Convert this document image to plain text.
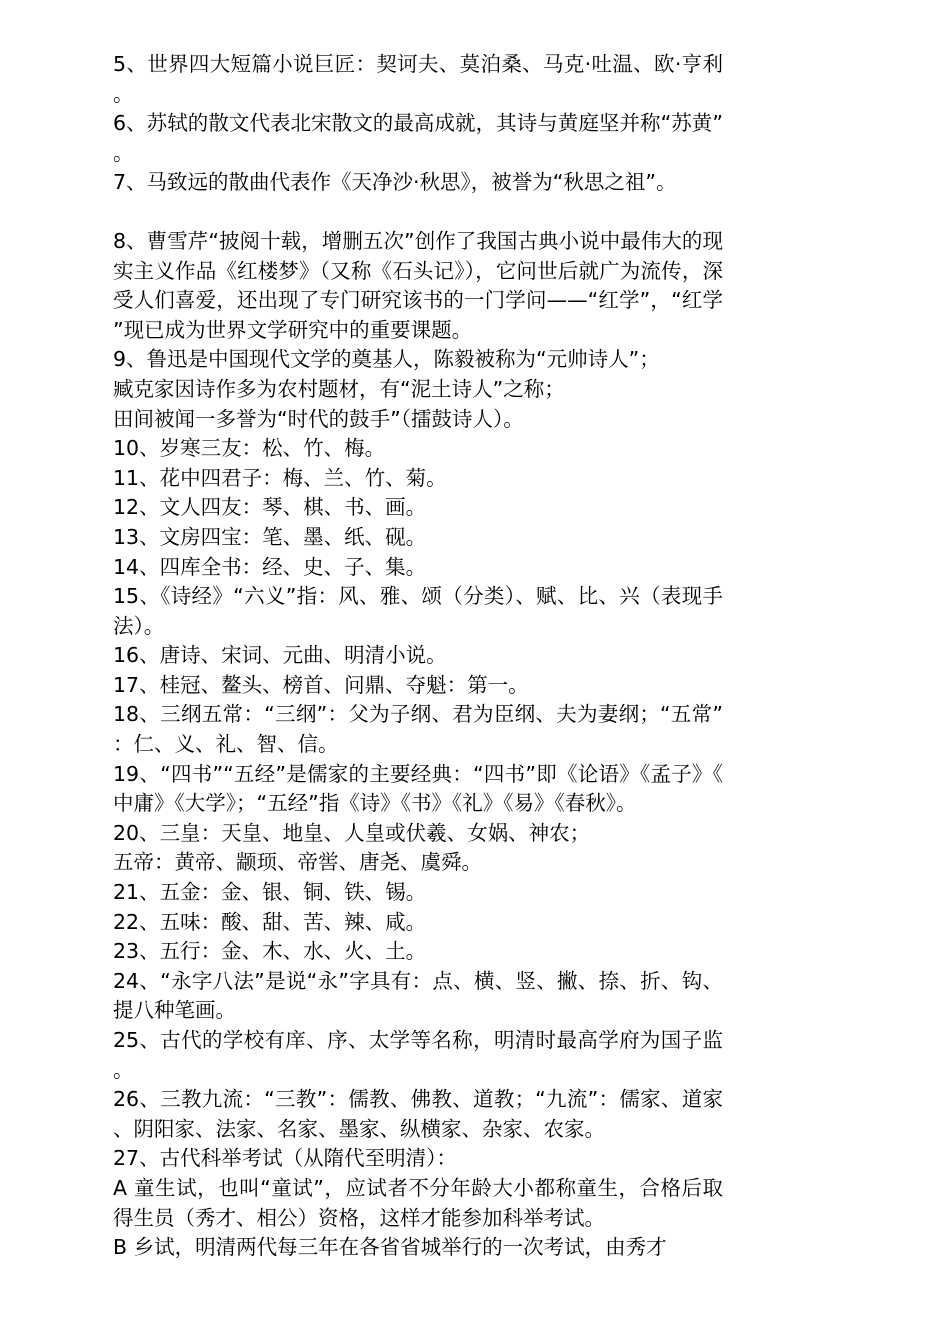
5、世界四大短篇小说巨匠：契诃夫、莫泊桑、马克·吐温、欧·亨利。

6、苏轼的散文代表北宋散文的最高成就，其诗与黄庭坚并称“苏黄”。

7、马致远的散曲代表作《天净沙·秋思》，被誉为“秋思之祖”。

8、曹雪芹“披阅十载，增删五次”创作了我国古典小说中最伟大的现实主义作品《红楼梦》（又称《石头记》），它问世后就广为流传，深受人们喜爱，还出现了专门研究该书的一门学问——“红学”，“红学”现已成为世界文学研究中的重要课题。

9、鲁迅是中国现代文学的奠基人，陈毅被称为“元帅诗人”；

臧克家因诗作多为农村题材，有“泥土诗人”之称；

田间被闻一多誉为“时代的鼓手”（擂鼓诗人）。

10、岁寒三友：松、竹、梅。

11、花中四君子：梅、兰、竹、菊。

12、文人四友：琴、棋、书、画。

13、文房四宝：笔、墨、纸、砚。

14、四库全书：经、史、子、集。

15、《诗经》“六义”指：风、雅、颂（分类）、赋、比、兴（表现手法）。

16、唐诗、宋词、元曲、明清小说。

17、桂冠、鳌头、榜首、问鼎、夺魁：第一。

18、三纲五常：“三纲”：父为子纲、君为臣纲、夫为妻纲；“五常”：仁、义、礼、智、信。

19、“四书”“五经”是儒家的主要经典：“四书”即《论语》《孟子》《中庸》《大学》；“五经”指《诗》《书》《礼》《易》《春秋》。

20、三皇：天皇、地皇、人皇或伏羲、女娲、神农；

五帝：黄帝、颛顼、帝喾、唐尧、虞舜。

21、五金：金、银、铜、铁、锡。

22、五味：酸、甜、苦、辣、咸。

23、五行：金、木、水、火、土。

24、“永字八法”是说“永”字具有：点、横、竖、撇、捺、折、钩、提八种笔画。

25、古代的学校有庠、序、太学等名称，明清时最高学府为国子监。

26、三教九流：“三教”：儒教、佛教、道教；“九流”：儒家、道家、阴阳家、法家、名家、墨家、纵横家、杂家、农家。

27、古代科举考试（从隋代至明清）：

A 童生试，也叫“童试”，应试者不分年龄大小都称童生，合格后取得生员（秀才、相公）资格，这样才能参加科举考试。

B 乡试，明清两代每三年在各省省城举行的一次考试，由秀才
